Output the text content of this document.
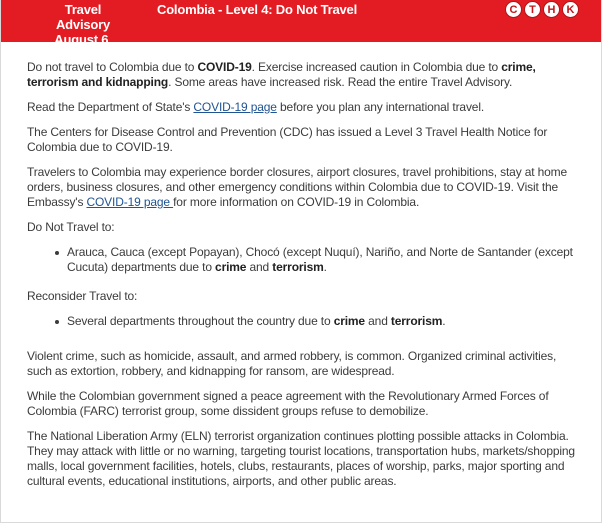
Travel Advisory
August 6, 2020
Colombia - Level 4: Do Not Travel	C	T	H	K

Do not travel to Colombia due to COVID-19. Exercise increased caution in Colombia due to crime, terrorism and kidnapping. Some areas have increased risk. Read the entire Travel Advisory.

Read the Department of State's COVID-19 page before you plan any international travel.

The Centers for Disease Control and Prevention (CDC) has issued a Level 3 Travel Health Notice for Colombia due to COVID-19.

Travelers to Colombia may experience border closures, airport closures, travel prohibitions, stay at home orders, business closures, and other emergency conditions within Colombia due to COVID-19. Visit the Embassy's COVID-19 page for more information on COVID-19 in Colombia.

Do Not Travel to:

Arauca, Cauca (except Popayan), Chocó (except Nuquí), Nariño, and Norte de Santander (except Cucuta) departments due to crime and terrorism.

Reconsider Travel to:

Several departments throughout the country due to crime and terrorism.

Violent crime, such as homicide, assault, and armed robbery, is common. Organized criminal activities, such as extortion, robbery, and kidnapping for ransom, are widespread.

While the Colombian government signed a peace agreement with the Revolutionary Armed Forces of Colombia (FARC) terrorist group, some dissident groups refuse to demobilize.

The National Liberation Army (ELN) terrorist organization continues plotting possible attacks in Colombia. They may attack with little or no warning, targeting tourist locations, transportation hubs, markets/shopping malls, local government facilities, hotels, clubs, restaurants, places of worship, parks, major sporting and cultural events, educational institutions, airports, and other public areas.
